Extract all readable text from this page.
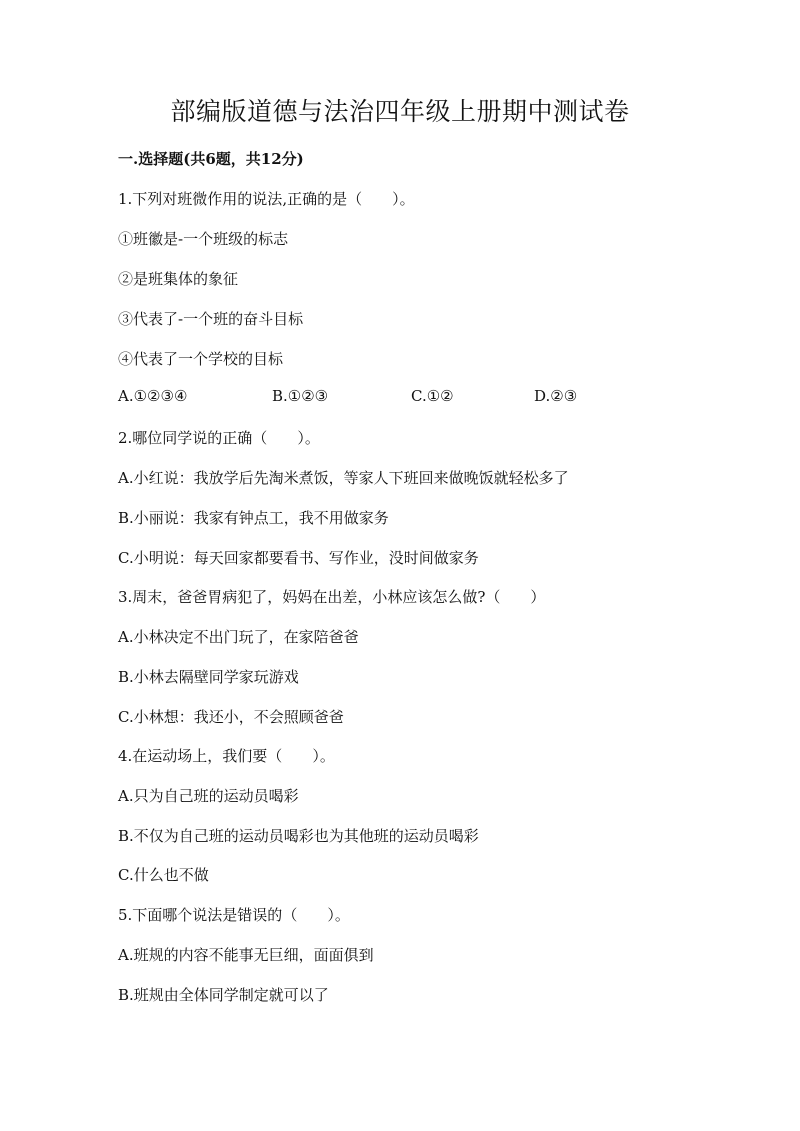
部编版道德与法治四年级上册期中测试卷
一.选择题(共6题，共12分)
1.下列对班微作用的说法,正确的是（　　）。
①班徽是-一个班级的标志
②是班集体的象征
③代表了-一个班的奋斗目标
④代表了一个学校的目标
A.①②③④	B.①②③	C.①②	D.②③
2.哪位同学说的正确（　　）。
A.小红说：我放学后先淘米煮饭，等家人下班回来做晚饭就轻松多了
B.小丽说：我家有钟点工，我不用做家务
C.小明说：每天回家都要看书、写作业，没时间做家务
3.周末，爸爸胃病犯了，妈妈在出差，小林应该怎么做?（　　）
A.小林决定不出门玩了，在家陪爸爸
B.小林去隔壁同学家玩游戏
C.小林想：我还小，不会照顾爸爸
4.在运动场上，我们要（　　）。
A.只为自己班的运动员喝彩
B.不仅为自己班的运动员喝彩也为其他班的运动员喝彩
C.什么也不做
5.下面哪个说法是错误的（　　）。
A.班规的内容不能事无巨细，面面俱到
B.班规由全体同学制定就可以了
